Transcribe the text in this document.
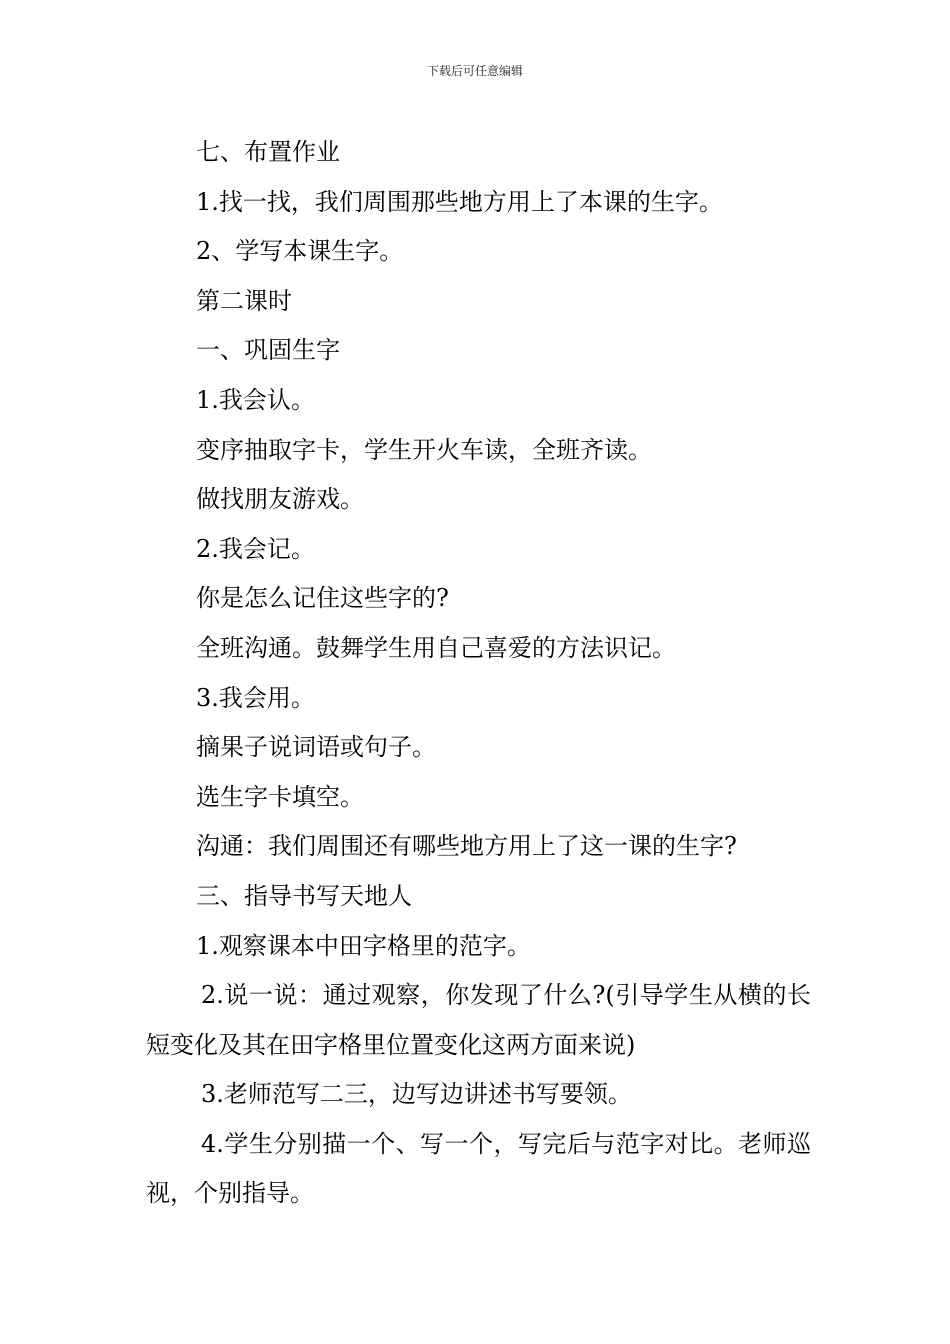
下载后可任意编辑
七、布置作业
1.找一找，我们周围那些地方用上了本课的生字。
2、学写本课生字。
第二课时
一、巩固生字
1.我会认。
变序抽取字卡，学生开火车读，全班齐读。
做找朋友游戏。
2.我会记。
你是怎么记住这些字的?
全班沟通。鼓舞学生用自己喜爱的方法识记。
3.我会用。
摘果子说词语或句子。
选生字卡填空。
沟通：我们周围还有哪些地方用上了这一课的生字?
三、指导书写天地人
1.观察课本中田字格里的范字。
2.说一说：通过观察，你发现了什么?(引导学生从横的长短变化及其在田字格里位置变化这两方面来说)
3.老师范写二三，边写边讲述书写要领。
4.学生分别描一个、写一个，写完后与范字对比。老师巡视，个别指导。
